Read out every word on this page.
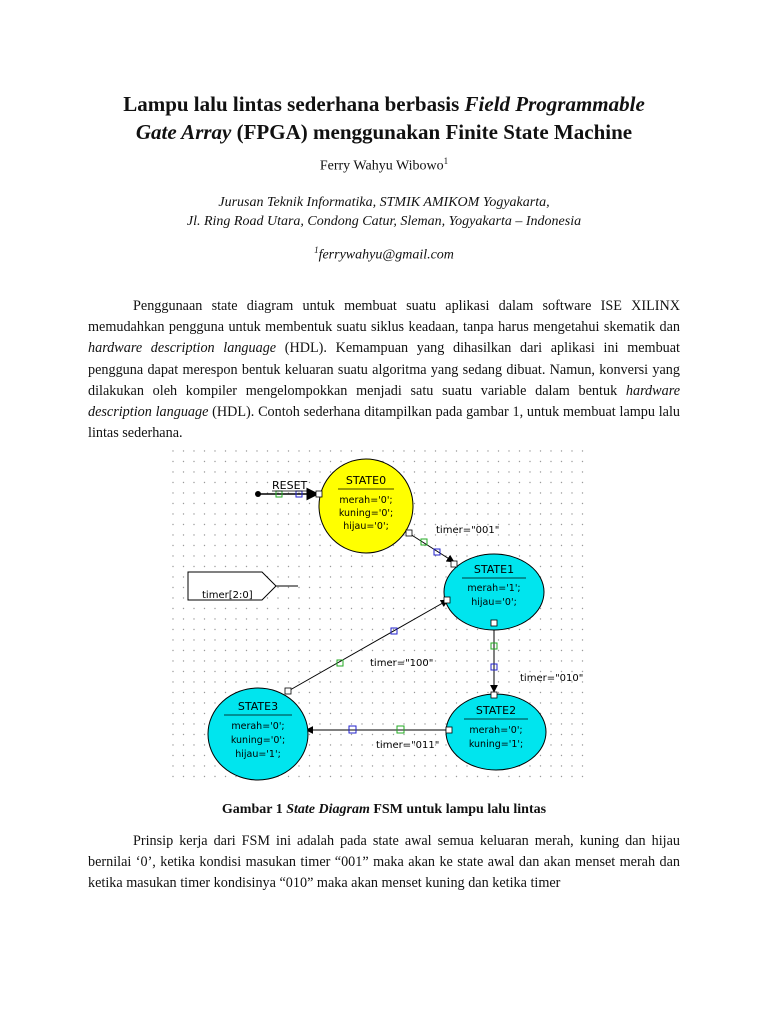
Lampu lalu lintas sederhana berbasis Field Programmable
Gate Array (FPGA) menggunakan Finite State Machine
Ferry Wahyu Wibowo$^1$
Jurusan Teknik Informatika, STMIK AMIKOM Yogyakarta,
Jl. Ring Road Utara, Condong Catur, Sleman, Yogyakarta – Indonesia
$^1$ferrywahyu@gmail.com

Penggunaan state diagram untuk membuat suatu aplikasi dalam software ISE XILINX memudahkan pengguna untuk membentuk suatu siklus keadaan, tanpa harus mengetahui skematik dan hardware description language (HDL). Kemampuan yang dihasilkan dari aplikasi ini membuat pengguna dapat merespon bentuk keluaran suatu algoritma yang sedang dibuat. Namun, konversi yang dilakukan oleh kompiler mengelompokkan menjadi satu suatu variable dalam bentuk hardware description language (HDL). Contoh sederhana ditampilkan pada gambar 1, untuk membuat lampu lalu lintas sederhana.

RESET
timer[2:0]
timer="001"
timer="010"
timer="011"
timer="100"
STATE0
merah='0';
kuning='0';
hijau='0';
STATE1
merah='1';
hijau='0';
STATE2
merah='0';
kuning='1';
STATE3
merah='0';
kuning='0';
hijau='1';
Gambar 1 State Diagram FSM untuk lampu lalu lintas

Prinsip kerja dari FSM ini adalah pada state awal semua keluaran merah, kuning dan hijau bernilai ‘0’, ketika kondisi masukan timer “001” maka akan ke state awal dan akan menset merah dan ketika masukan timer kondisinya “010” maka akan menset kuning dan ketika timer
